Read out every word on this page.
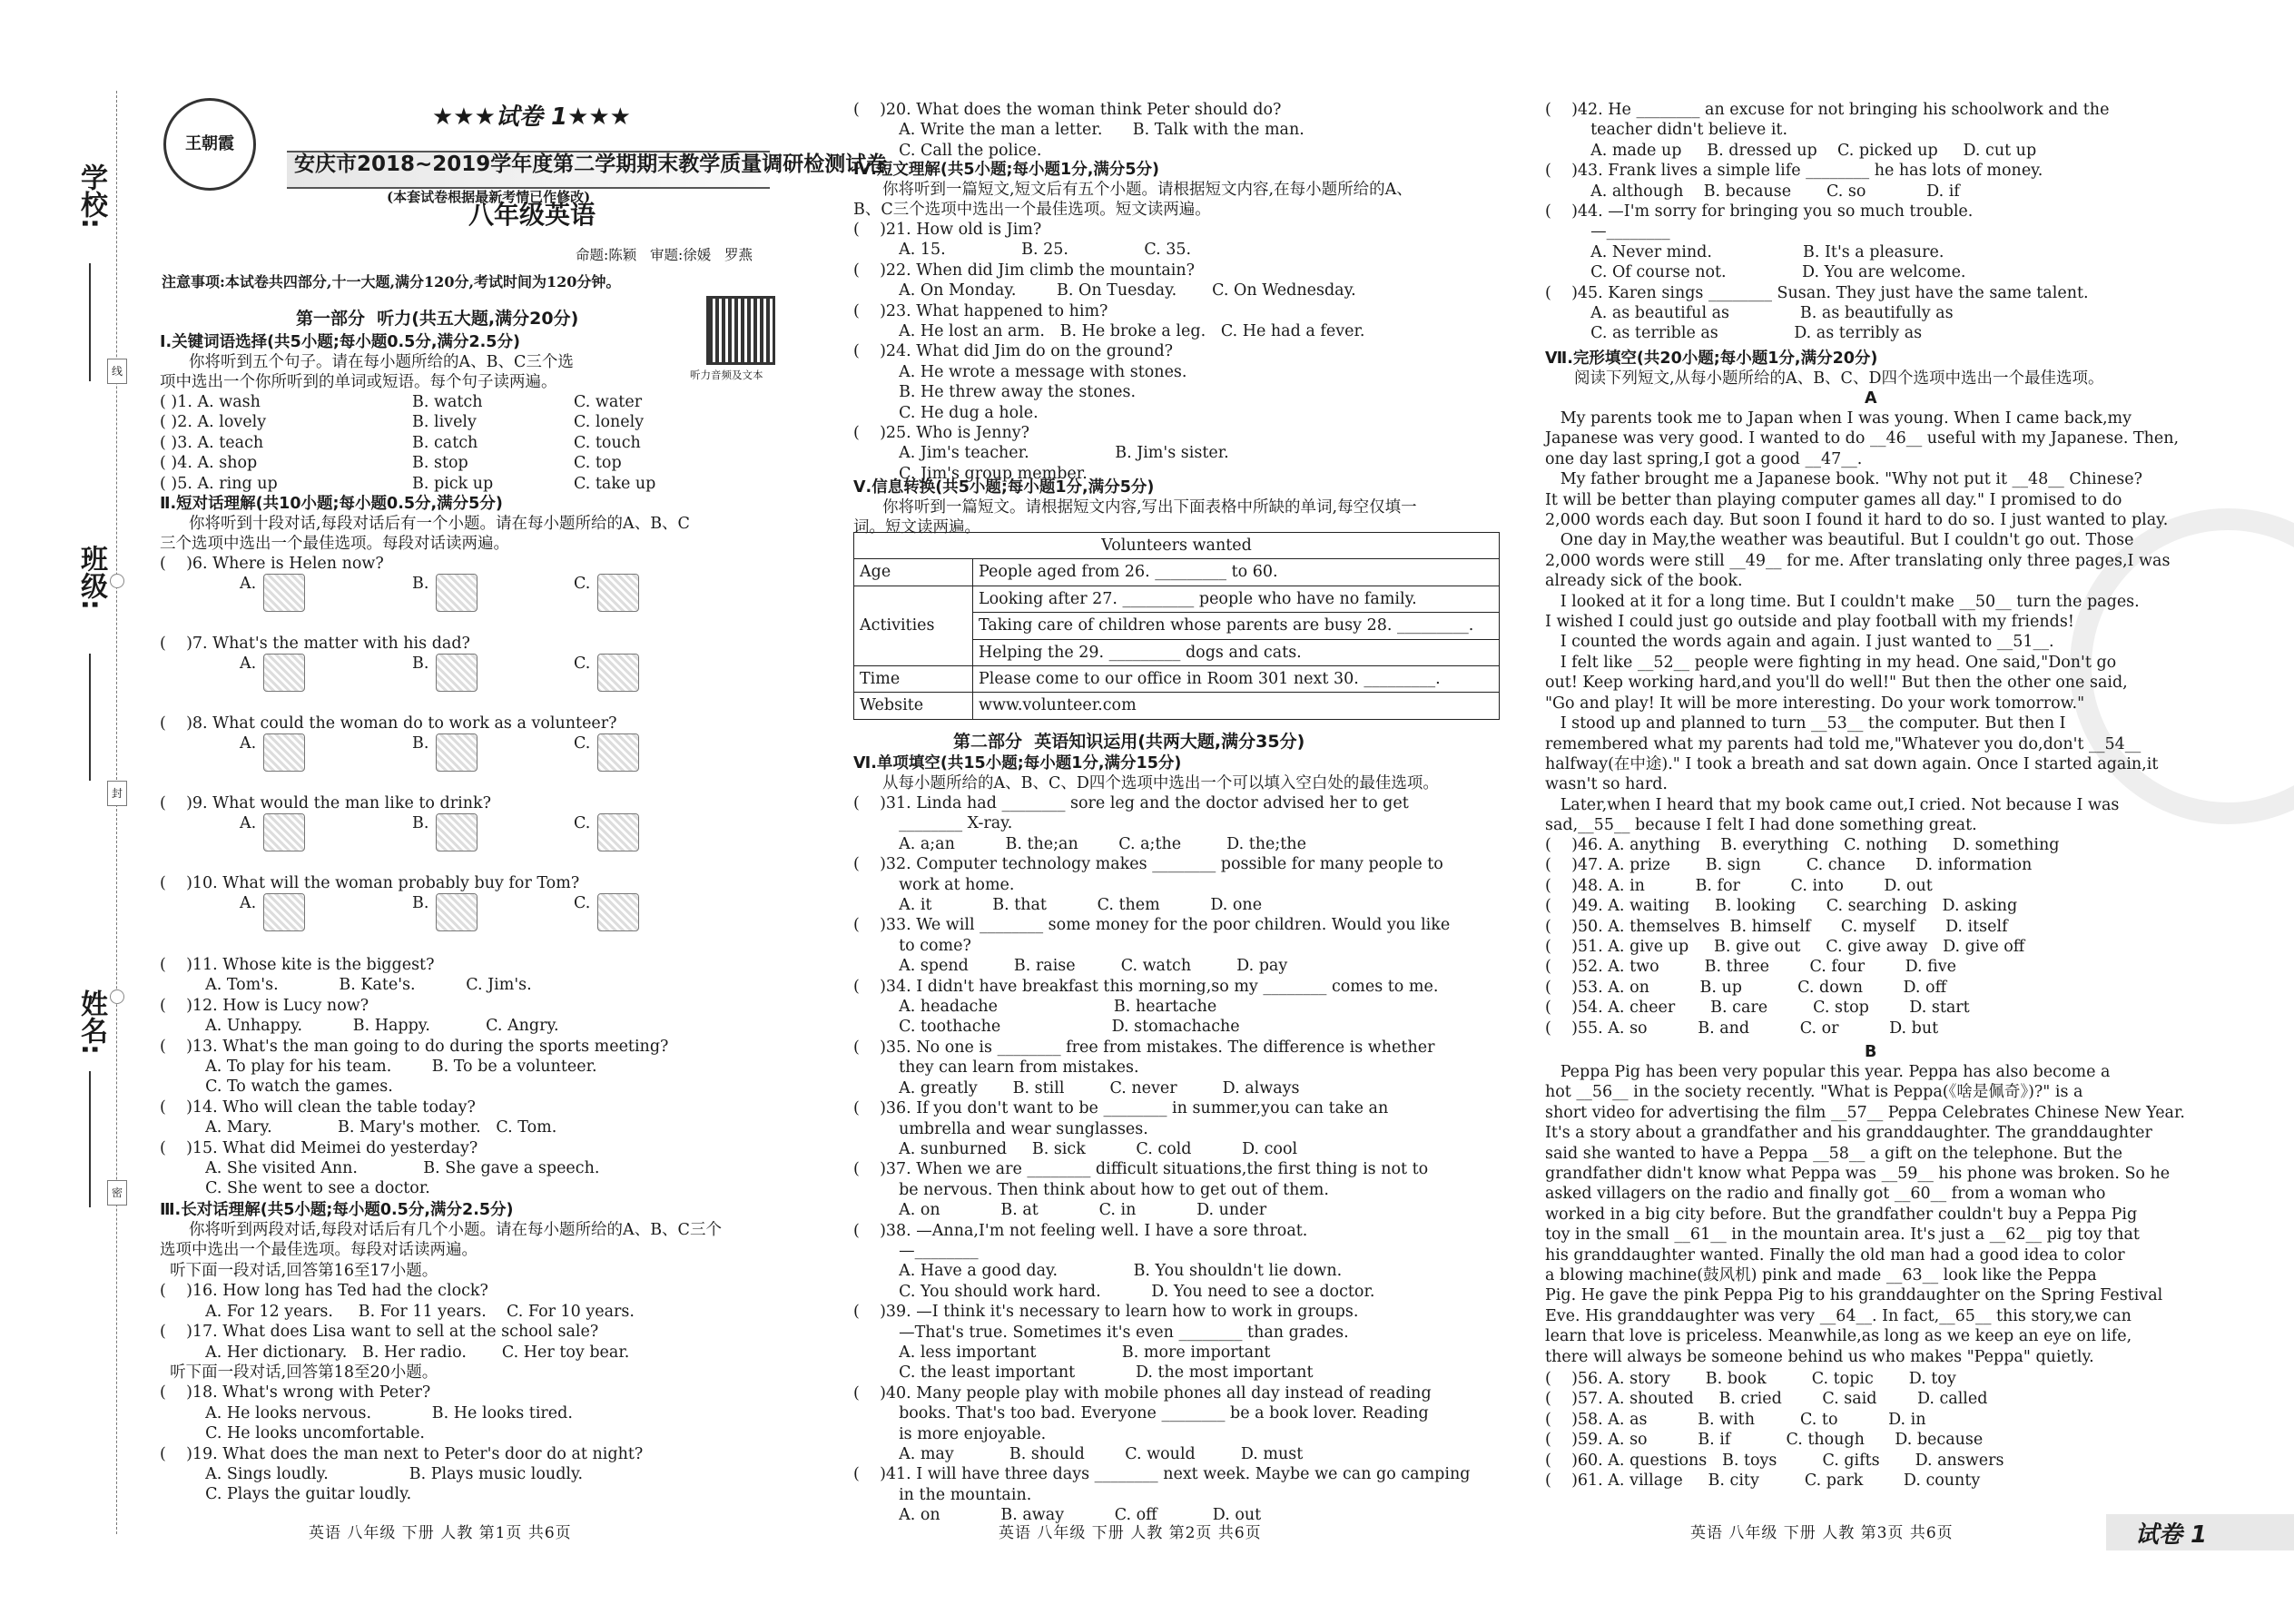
学校:
班级:
姓名:
线
封
密
王朝霞
★★★试卷 1★★★
安庆市2018~2019学年度第二学期期末教学质量调研检测试卷
(本套试卷根据最新考情已作修改)
八年级英语
命题:陈颖   审题:徐媛   罗燕
注意事项:本试卷共四部分,十一大题,满分120分,考试时间为120分钟。
听力音频及文本
第一部分  听力(共五大题,满分20分)
Ⅰ.关键词语选择(共5小题;每小题0.5分,满分2.5分)

你将听到五个句子。请在每小题所给的A、B、C三个选

项中选出一个你所听到的单词或短语。每个句子读两遍。

( )1. A. wash	B. watch	C. water
( )2. A. lovely	B. lively	C. lonely
( )3. A. teach	B. catch	C. touch
( )4. A. shop	B. stop	C. top
( )5. A. ring up	B. pick up	C. take up
Ⅱ.短对话理解(共10小题;每小题0.5分,满分5分)

你将听到十段对话,每段对话后有一个小题。请在每小题所给的A、B、C

三个选项中选出一个最佳选项。每段对话读两遍。

(    )6. Where is Helen now?

A.	B.	C.

(    )7. What's the matter with his dad?

A.	B.	C.

(    )8. What could the woman do to work as a volunteer?

A.	B.	C.

(    )9. What would the man like to drink?

A.	B.	C.

(    )10. What will the woman probably buy for Tom?

A.	B.	C.

(    )11. Whose kite is the biggest?

A. Tom's.            B. Kate's.          C. Jim's.

(    )12. How is Lucy now?

A. Unhappy.          B. Happy.           C. Angry.

(    )13. What's the man going to do during the sports meeting?

A. To play for his team.        B. To be a volunteer.

C. To watch the games.

(    )14. Who will clean the table today?

A. Mary.             B. Mary's mother.   C. Tom.

(    )15. What did Meimei do yesterday?

A. She visited Ann.             B. She gave a speech.

C. She went to see a doctor.

Ⅲ.长对话理解(共5小题;每小题0.5分,满分2.5分)

你将听到两段对话,每段对话后有几个小题。请在每小题所给的A、B、C三个

选项中选出一个最佳选项。每段对话读两遍。

听下面一段对话,回答第16至17小题。

(    )16. How long has Ted had the clock?

A. For 12 years.     B. For 11 years.    C. For 10 years.

(    )17. What does Lisa want to sell at the school sale?

A. Her dictionary.   B. Her radio.       C. Her toy bear.

听下面一段对话,回答第18至20小题。

(    )18. What's wrong with Peter?

A. He looks nervous.            B. He looks tired.

C. He looks uncomfortable.

(    )19. What does the man next to Peter's door do at night?

A. Sings loudly.                B. Plays music loudly.

C. Plays the guitar loudly.

英语 八年级 下册 人教 第1页 共6页

(    )20. What does the woman think Peter should do?

A. Write the man a letter.      B. Talk with the man.

C. Call the police.

Ⅳ.短文理解(共5小题;每小题1分,满分5分)

你将听到一篇短文,短文后有五个小题。请根据短文内容,在每小题所给的A、

B、C三个选项中选出一个最佳选项。短文读两遍。

(    )21. How old is Jim?

A. 15.               B. 25.               C. 35.

(    )22. When did Jim climb the mountain?

A. On Monday.        B. On Tuesday.       C. On Wednesday.

(    )23. What happened to him?

A. He lost an arm.   B. He broke a leg.   C. He had a fever.

(    )24. What did Jim do on the ground?

A. He wrote a message with stones.

B. He threw away the stones.

C. He dug a hole.

(    )25. Who is Jenny?

A. Jim's teacher.                 B. Jim's sister.

C. Jim's group member.

Ⅴ.信息转换(共5小题;每小题1分,满分5分)

你将听到一篇短文。请根据短文内容,写出下面表格中所缺的单词,每空仅填一

词。短文读两遍。

Volunteers wanted	
Age	People aged from 26. _________ to 60.
Activities	Looking after 27. _________ people who have no family.
	Taking care of children whose parents are busy 28. _________.
	Helping the 29. _________ dogs and cats.
Time	Please come to our office in Room 301 next 30. _________.
Website	www.volunteer.com
第二部分  英语知识运用(共两大题,满分35分)
Ⅵ.单项填空(共15小题;每小题1分,满分15分)
从每小题所给的A、B、C、D四个选项中选出一个可以填入空白处的最佳选项。

(    )31. Linda had ________ sore leg and the doctor advised her to get

________ X-ray.

A. a;an          B. the;an        C. a;the         D. the;the

(    )32. Computer technology makes ________ possible for many people to

work at home.

A. it            B. that          C. them          D. one

(    )33. We will ________ some money for the poor children. Would you like

to come?

A. spend         B. raise         C. watch         D. pay

(    )34. I didn't have breakfast this morning,so my ________ comes to me.

A. headache                       B. heartache

C. toothache                      D. stomachache

(    )35. No one is ________ free from mistakes. The difference is whether

they can learn from mistakes.

A. greatly       B. still         C. never         D. always

(    )36. If you don't want to be ________ in summer,you can take an

umbrella and wear sunglasses.

A. sunburned     B. sick          C. cold          D. cool

(    )37. When we are ________ difficult situations,the first thing is not to

be nervous. Then think about how to get out of them.

A. on            B. at            C. in            D. under

(    )38. —Anna,I'm not feeling well. I have a sore throat.

—________

A. Have a good day.               B. You shouldn't lie down.

C. You should work hard.          D. You need to see a doctor.

(    )39. —I think it's necessary to learn how to work in groups.

—That's true. Sometimes it's even ________ than grades.

A. less important                 B. more important

C. the least important            D. the most important

(    )40. Many people play with mobile phones all day instead of reading

books. That's too bad. Everyone ________ be a book lover. Reading

is more enjoyable.

A. may           B. should        C. would         D. must

(    )41. I will have three days ________ next week. Maybe we can go camping

in the mountain.

A. on            B. away          C. off           D. out

英语 八年级 下册 人教 第2页 共6页

(    )42. He ________ an excuse for not bringing his schoolwork and the

teacher didn't believe it.

A. made up     B. dressed up    C. picked up     D. cut up

(    )43. Frank lives a simple life ________ he has lots of money.

A. although    B. because       C. so            D. if

(    )44. —I'm sorry for bringing you so much trouble.

—________

A. Never mind.                  B. It's a pleasure.

C. Of course not.               D. You are welcome.

(    )45. Karen sings ________ Susan. They just have the same talent.

A. as beautiful as              B. as beautifully as

C. as terrible as               D. as terribly as

Ⅶ.完形填空(共20小题;每小题1分,满分20分)
阅读下列短文,从每小题所给的A、B、C、D四个选项中选出一个最佳选项。
A

My parents took me to Japan when I was young. When I came back,my

Japanese was very good. I wanted to do __46__ useful with my Japanese. Then,

one day last spring,I got a good __47__.

My father brought me a Japanese book. "Why not put it __48__ Chinese?

It will be better than playing computer games all day." I promised to do

2,000 words each day. But soon I found it hard to do so. I just wanted to play.

One day in May,the weather was beautiful. But I couldn't go out. Those

2,000 words were still __49__ for me. After translating only three pages,I was

already sick of the book.

I looked at it for a long time. But I couldn't make __50__ turn the pages.

I wished I could just go outside and play football with my friends!

I counted the words again and again. I just wanted to __51__.

I felt like __52__ people were fighting in my head. One said,"Don't go

out! Keep working hard,and you'll do well!" But then the other one said,

"Go and play! It will be more interesting. Do your work tomorrow."

I stood up and planned to turn __53__ the computer. But then I

remembered what my parents had told me,"Whatever you do,don't __54__

halfway(在中途)." I took a breath and sat down again. Once I started again,it

wasn't so hard.

Later,when I heard that my book came out,I cried. Not because I was

sad,__55__ because I felt I had done something great.

(    )46. A. anything    B. everything   C. nothing     D. something

(    )47. A. prize       B. sign         C. chance      D. information

(    )48. A. in          B. for          C. into        D. out

(    )49. A. waiting     B. looking      C. searching   D. asking

(    )50. A. themselves  B. himself      C. myself      D. itself

(    )51. A. give up     B. give out     C. give away   D. give off

(    )52. A. two         B. three        C. four        D. five

(    )53. A. on          B. up           C. down        D. off

(    )54. A. cheer       B. care         C. stop        D. start

(    )55. A. so          B. and          C. or          D. but

B

Peppa Pig has been very popular this year. Peppa has also become a

hot __56__ in the society recently. "What is Peppa(《啥是佩奇》)?" is a

short video for advertising the film __57__ Peppa Celebrates Chinese New Year.

It's a story about a grandfather and his granddaughter. The granddaughter

said she wanted to have a Peppa __58__ a gift on the telephone. But the

grandfather didn't know what Peppa was __59__ his phone was broken. So he

asked villagers on the radio and finally got __60__ from a woman who

worked in a big city before. But the grandfather couldn't buy a Peppa Pig

toy in the small __61__ in the mountain area. It's just a __62__ pig toy that

his granddaughter wanted. Finally the old man had a good idea to color

a blowing machine(鼓风机) pink and made __63__ look like the Peppa

Pig. He gave the pink Peppa Pig to his granddaughter on the Spring Festival

Eve. His granddaughter was very __64__. In fact,__65__ this story,we can

learn that love is priceless. Meanwhile,as long as we keep an eye on life,

there will always be someone behind us who makes "Peppa" quietly.

(    )56. A. story       B. book         C. topic       D. toy

(    )57. A. shouted     B. cried        C. said        D. called

(    )58. A. as          B. with         C. to          D. in

(    )59. A. so          B. if           C. though      D. because

(    )60. A. questions   B. toys         C. gifts       D. answers

(    )61. A. village     B. city         C. park        D. county

英语 八年级 下册 人教 第3页 共6页	试卷 1
